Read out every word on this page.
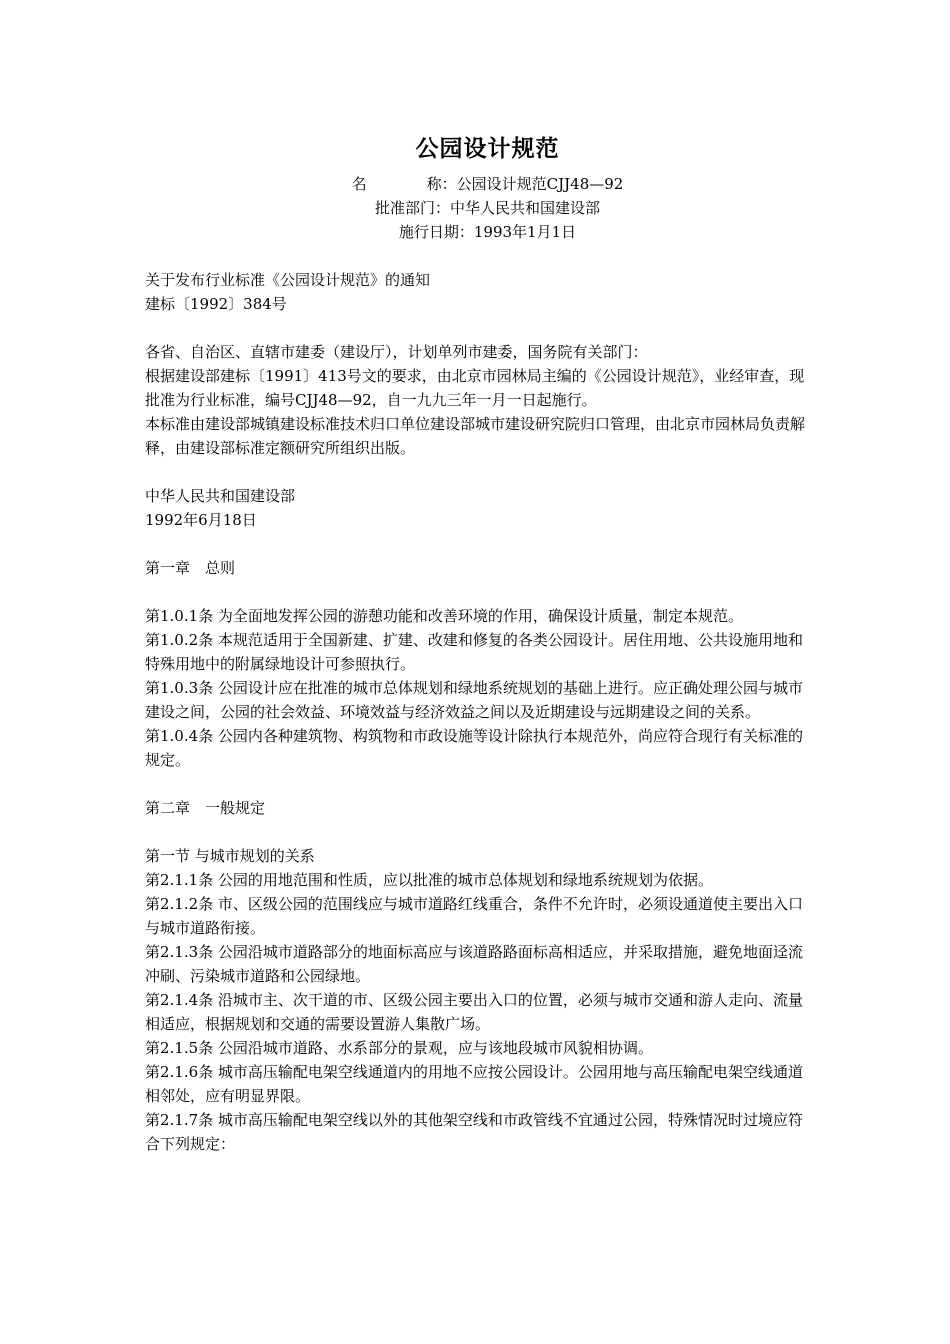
公园设计规范
名　　　　称：公园设计规范CJJ48—92
批准部门：中华人民共和国建设部
施行日期：1993年1月1日

关于发布行业标准《公园设计规范》的通知

建标〔1992〕384号

各省、自治区、直辖市建委（建设厅），计划单列市建委，国务院有关部门：

根据建设部建标〔1991〕413号文的要求，由北京市园林局主编的《公园设计规范》，业经审查，现批准为行业标准，编号CJJ48—92，自一九九三年一月一日起施行。

本标准由建设部城镇建设标准技术归口单位建设部城市建设研究院归口管理，由北京市园林局负责解释，由建设部标准定额研究所组织出版。

中华人民共和国建设部

1992年6月18日

第一章　总则

第1.0.1条 为全面地发挥公园的游憩功能和改善环境的作用，确保设计质量，制定本规范。

第1.0.2条 本规范适用于全国新建、扩建、改建和修复的各类公园设计。居住用地、公共设施用地和特殊用地中的附属绿地设计可参照执行。

第1.0.3条 公园设计应在批准的城市总体规划和绿地系统规划的基础上进行。应正确处理公园与城市建设之间，公园的社会效益、环境效益与经济效益之间以及近期建设与远期建设之间的关系。

第1.0.4条 公园内各种建筑物、构筑物和市政设施等设计除执行本规范外，尚应符合现行有关标准的规定。

第二章　一般规定

第一节 与城市规划的关系

第2.1.1条 公园的用地范围和性质，应以批准的城市总体规划和绿地系统规划为依据。

第2.1.2条 市、区级公园的范围线应与城市道路红线重合，条件不允许时，必须设通道使主要出入口与城市道路衔接。

第2.1.3条 公园沿城市道路部分的地面标高应与该道路路面标高相适应，并采取措施，避免地面迳流冲刷、污染城市道路和公园绿地。

第2.1.4条 沿城市主、次干道的市、区级公园主要出入口的位置，必须与城市交通和游人走向、流量相适应，根据规划和交通的需要设置游人集散广场。

第2.1.5条 公园沿城市道路、水系部分的景观，应与该地段城市风貌相协调。

第2.1.6条 城市高压输配电架空线通道内的用地不应按公园设计。公园用地与高压输配电架空线通道相邻处，应有明显界限。

第2.1.7条 城市高压输配电架空线以外的其他架空线和市政管线不宜通过公园，特殊情况时过境应符合下列规定：
